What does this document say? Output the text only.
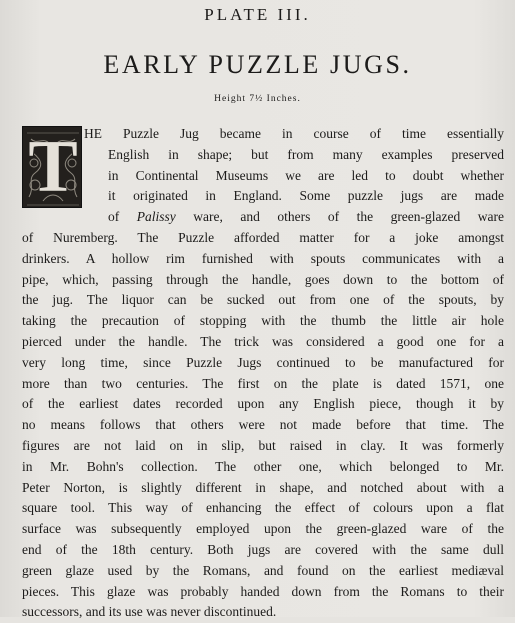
PLATE III.
EARLY PUZZLE JUGS.
Height 7½ Inches.
T HE Puzzle Jug became in course of time essentially
English in shape; but from many examples preserved
in Continental Museums we are led to doubt whether
it originated in England. Some puzzle jugs are made
of Palissy ware, and others of the green-glazed ware
of Nuremberg. The Puzzle afforded matter for a joke amongst
drinkers. A hollow rim furnished with spouts communicates with a
pipe, which, passing through the handle, goes down to the bottom of
the jug. The liquor can be sucked out from one of the spouts, by
taking the precaution of stopping with the thumb the little air hole
pierced under the handle. The trick was considered a good one for a
very long time, since Puzzle Jugs continued to be manufactured for
more than two centuries. The first on the plate is dated 1571, one
of the earliest dates recorded upon any English piece, though it by
no means follows that others were not made before that time. The
figures are not laid on in slip, but raised in clay. It was formerly
in Mr. Bohn's collection. The other one, which belonged to Mr.
Peter Norton, is slightly different in shape, and notched about with a
square tool. This way of enhancing the effect of colours upon a flat
surface was subsequently employed upon the green-glazed ware of the
end of the 18th century. Both jugs are covered with the same dull
green glaze used by the Romans, and found on the earliest mediæval
pieces. This glaze was probably handed down from the Romans to their
successors, and its use was never discontinued.
